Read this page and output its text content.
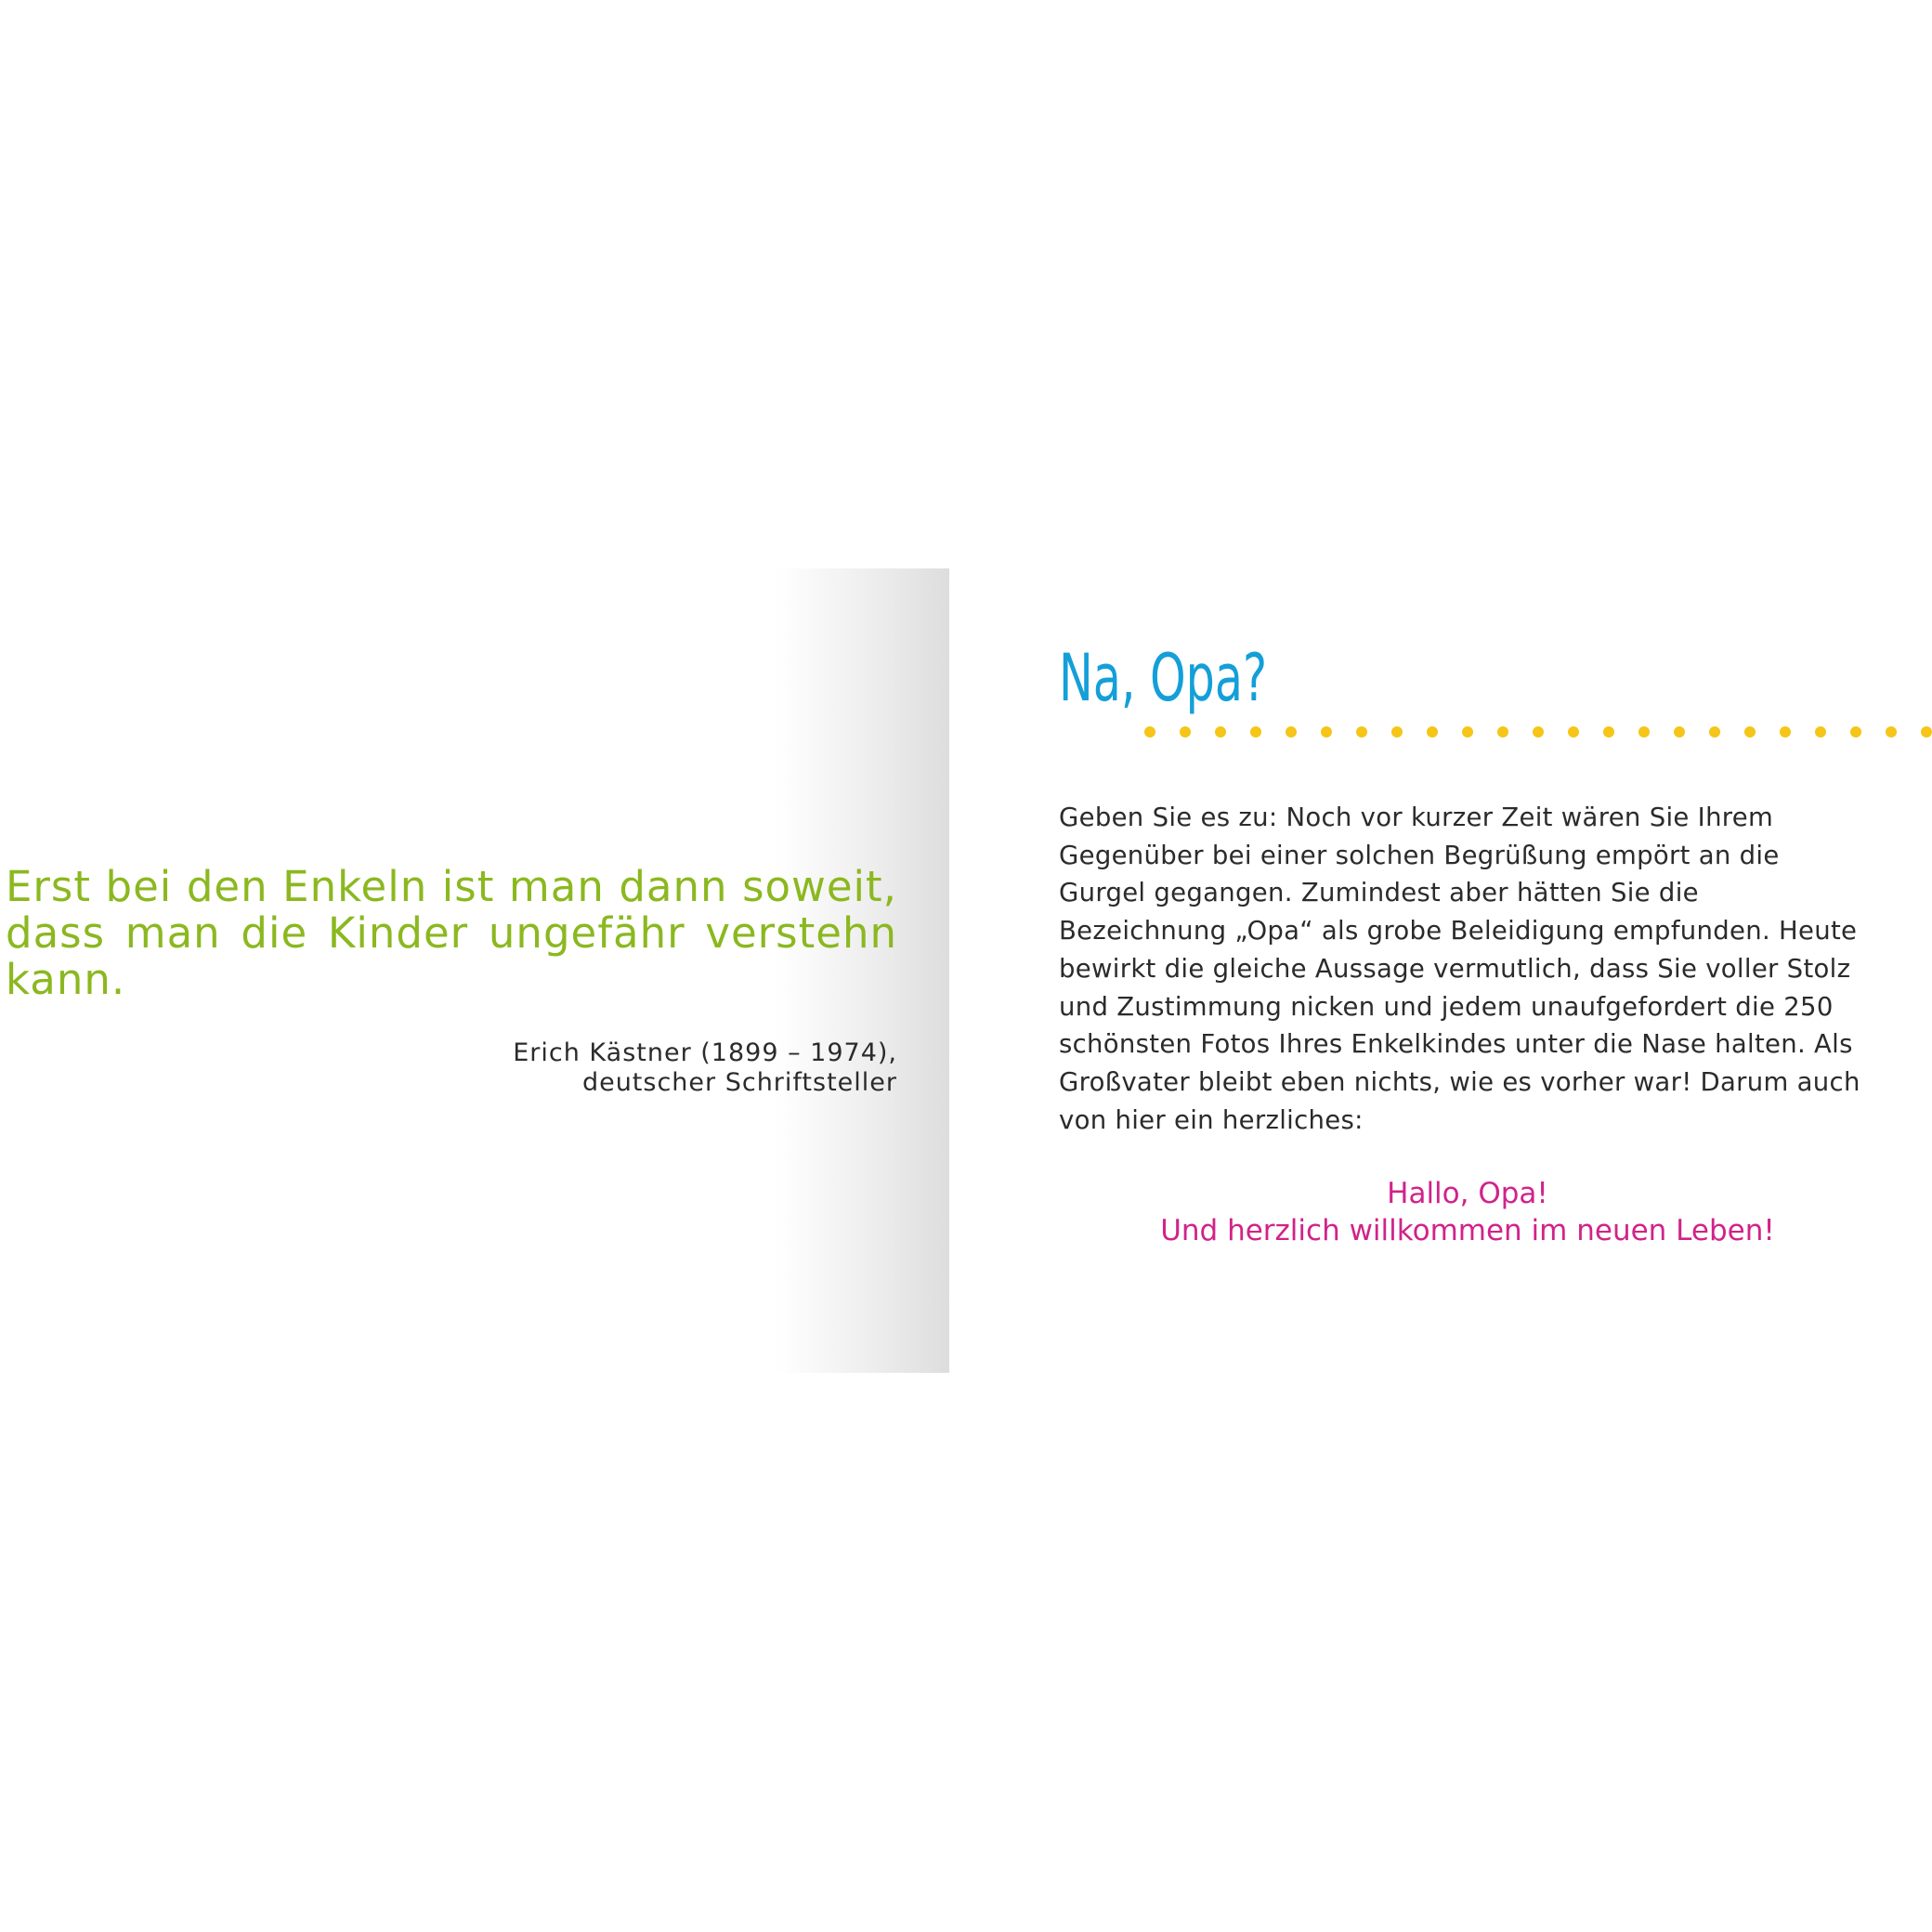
Erst bei den Enkeln ist man dann soweit, dass man die Kinder ungefähr verstehn kann.

Erich Kästner (1899 – 1974),
deutscher Schriftsteller
Na, Opa?

Geben Sie es zu: Noch vor kurzer Zeit wären Sie Ihrem Gegenüber bei einer solchen Begrüßung empört an die Gurgel gegangen. Zumindest aber hätten Sie die Bezeichnung „Opa“ als grobe Beleidigung empfunden. Heute bewirkt die gleiche Aussage vermutlich, dass Sie voller Stolz und Zustimmung nicken und jedem unaufgefordert die 250 schönsten Fotos Ihres Enkelkindes unter die Nase halten. Als Großvater bleibt eben nichts, wie es vorher war! Darum auch von hier ein herzliches:

Hallo, Opa!
Und herzlich willkommen im neuen Leben!
